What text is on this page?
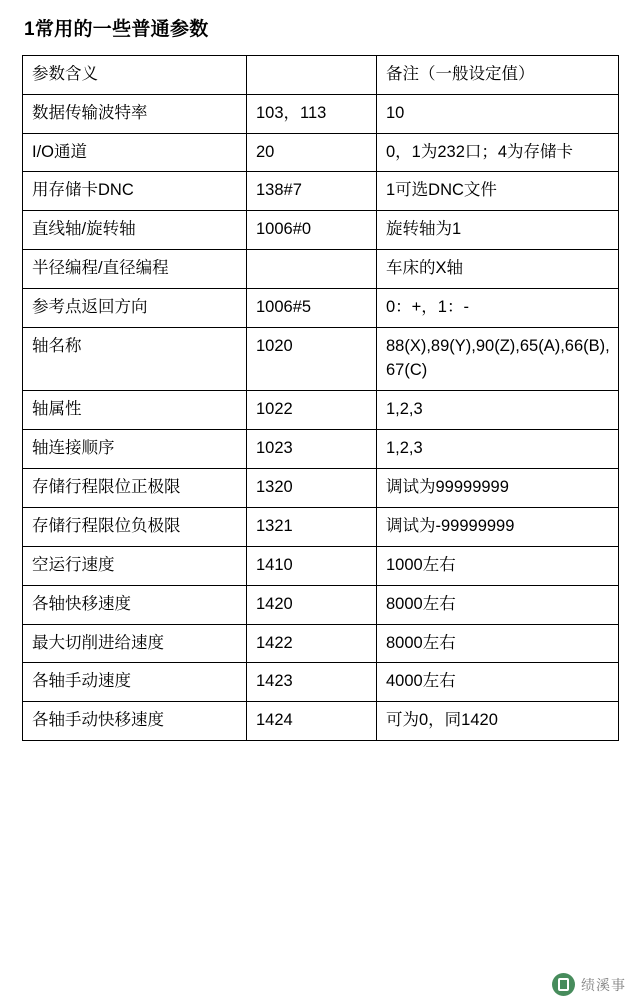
1常用的一些普通参数
参数含义		备注（一般设定值）
数据传输波特率	103，113	10
I/O通道	20	0，1为232口；4为存储卡
用存储卡DNC	138#7	1可选DNC文件
直线轴/旋转轴	1006#0	旋转轴为1
半径编程/直径编程		车床的X轴
参考点返回方向	1006#5	0：+，1：-
轴名称	1020	88(X),89(Y),90(Z),65(A),66(B),67(C)
轴属性	1022	1,2,3
轴连接顺序	1023	1,2,3
存储行程限位正极限	1320	调试为99999999
存储行程限位负极限	1321	调试为-99999999
空运行速度	1410	1000左右
各轴快移速度	1420	8000左右
最大切削进给速度	1422	8000左右
各轴手动速度	1423	4000左右
各轴手动快移速度	1424	可为0，同1420
绩溪事
